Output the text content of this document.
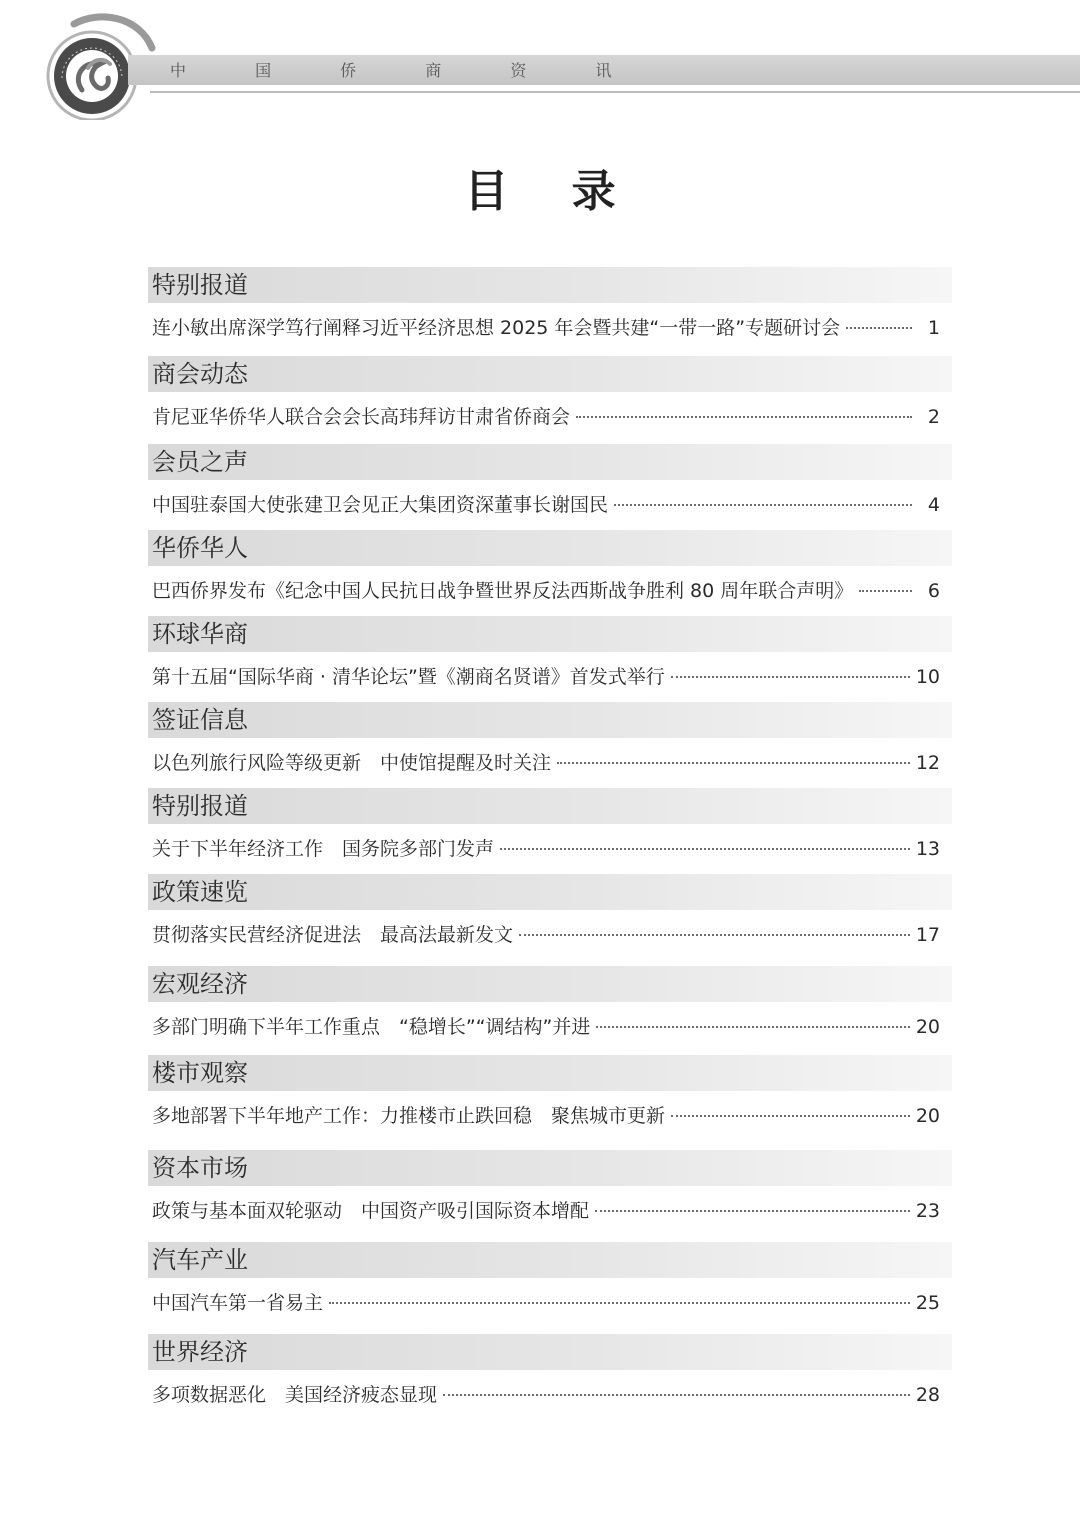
中 国 侨 商 资 讯
目 录
特别报道
连小敏出席深学笃行阐释习近平经济思想 2025 年会暨共建“一带一路”专题研讨会	1
商会动态
肯尼亚华侨华人联合会会长高玮拜访甘肃省侨商会	2
会员之声
中国驻泰国大使张建卫会见正大集团资深董事长谢国民	4
华侨华人
巴西侨界发布《纪念中国人民抗日战争暨世界反法西斯战争胜利 80 周年联合声明》	6
环球华商
第十五届“国际华商 · 清华论坛”暨《潮商名贤谱》首发式举行	10
签证信息
以色列旅行风险等级更新　中使馆提醒及时关注	12
特别报道
关于下半年经济工作　国务院多部门发声	13
政策速览
贯彻落实民营经济促进法　最高法最新发文	17
宏观经济
多部门明确下半年工作重点　“稳增长”“调结构”并进	20
楼市观察
多地部署下半年地产工作：力推楼市止跌回稳　聚焦城市更新	20
资本市场
政策与基本面双轮驱动　中国资产吸引国际资本增配	23
汽车产业
中国汽车第一省易主	25
世界经济
多项数据恶化　美国经济疲态显现	28
